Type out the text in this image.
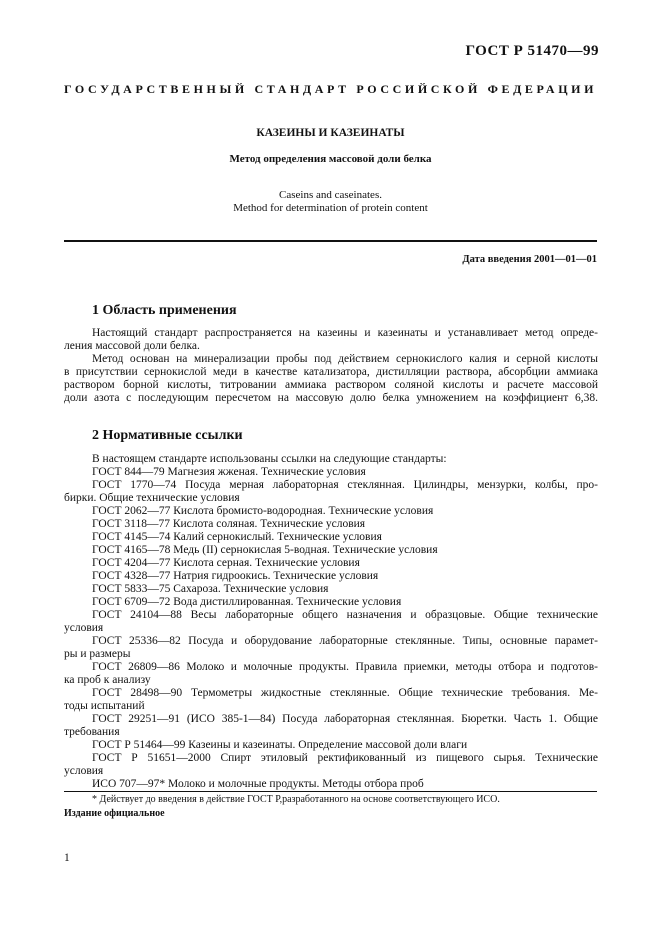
ГОСТ Р 51470—99
ГОСУДАРСТВЕННЫЙ СТАНДАРТ РОССИЙСКОЙ ФЕДЕРАЦИИ
КАЗЕИНЫ И КАЗЕИНАТЫ
Метод определения массовой доли белка
Caseins and caseinates.
Method for determination of protein content
Дата введения 2001—01—01
1 Область применения
Настоящий стандарт распространяется на казеины и казеинаты и устанавливает метод опреде-
ления массовой доли белка.
Метод основан на минерализации пробы под действием сернокислого калия и серной кислоты
в присутствии сернокислой меди в качестве катализатора, дистилляции раствора, абсорбции аммиака
раствором борной кислоты, титровании аммиака раствором соляной кислоты и расчете массовой
доли азота с последующим пересчетом на массовую долю белка умножением на коэффициент 6,38.
2 Нормативные ссылки
В настоящем стандарте использованы ссылки на следующие стандарты:
ГОСТ 844—79 Магнезия жженая. Технические условия
ГОСТ 1770—74 Посуда мерная лабораторная стеклянная. Цилиндры, мензурки, колбы, про-
бирки. Общие технические условия
ГОСТ 2062—77 Кислота бромисто-водородная. Технические условия
ГОСТ 3118—77 Кислота соляная. Технические условия
ГОСТ 4145—74 Калий сернокислый. Технические условия
ГОСТ 4165—78 Медь (II) сернокислая 5-водная. Технические условия
ГОСТ 4204—77 Кислота серная. Технические условия
ГОСТ 4328—77 Натрия гидроокись. Технические условия
ГОСТ 5833—75 Сахароза. Технические условия
ГОСТ 6709—72 Вода дистиллированная. Технические условия
ГОСТ 24104—88 Весы лабораторные общего назначения и образцовые. Общие технические
условия
ГОСТ 25336—82 Посуда и оборудование лабораторные стеклянные. Типы, основные парамет-
ры и размеры
ГОСТ 26809—86 Молоко и молочные продукты. Правила приемки, методы отбора и подготов-
ка проб к анализу
ГОСТ 28498—90 Термометры жидкостные стеклянные. Общие технические требования. Ме-
тоды испытаний
ГОСТ 29251—91 (ИСО 385-1—84) Посуда лабораторная стеклянная. Бюретки. Часть 1. Общие
требования
ГОСТ Р 51464—99 Казеины и казеинаты. Определение массовой доли влаги
ГОСТ Р 51651—2000 Спирт этиловый ректификованный из пищевого сырья. Технические
условия
ИСО 707—97* Молоко и молочные продукты. Методы отбора проб
* Действует до введения в действие ГОСТ Р,разработанного на основе соответствующего ИСО.
Издание официальное
1
